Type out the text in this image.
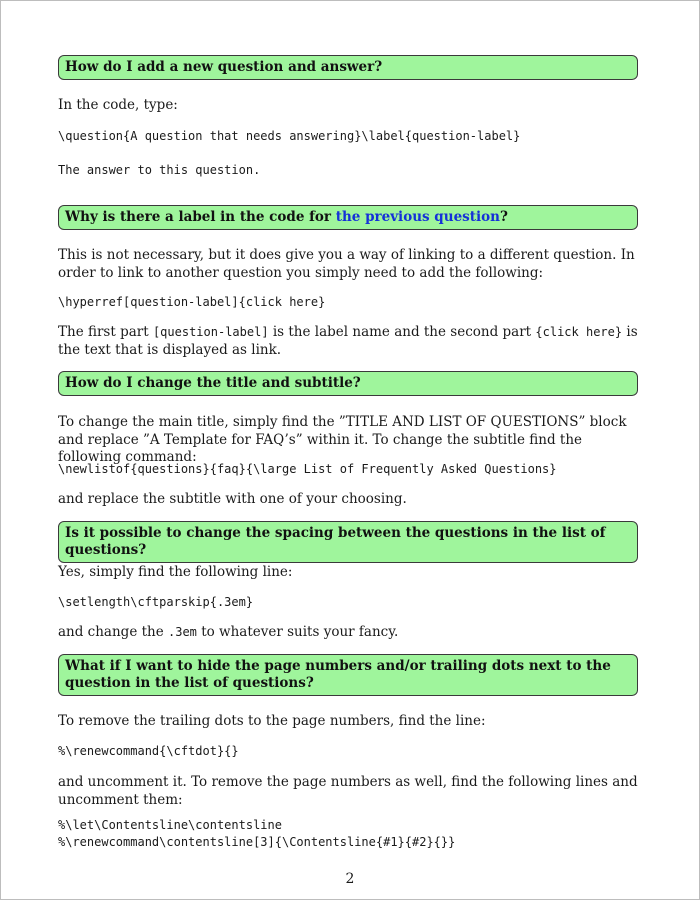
How do I add a new question and answer?
In the code, type:
\question{A question that needs answering}\label{question-label}
The answer to this question.
Why is there a label in the code for the previous question?
This is not necessary, but it does give you a way of linking to a different question. In order to link to another question you simply need to add the following:
\hyperref[question-label]{click here}
The first part [question-label] is the label name and the second part {click here} is the text that is displayed as link.
How do I change the title and subtitle?
To change the main title, simply find the ”TITLE AND LIST OF QUESTIONS” block and replace ”A Template for FAQ’s” within it. To change the subtitle find the following command:
\newlistof{questions}{faq}{\large List of Frequently Asked Questions}
and replace the subtitle with one of your choosing.
Is it possible to change the spacing between the questions in the list of questions?
Yes, simply find the following line:
\setlength\cftparskip{.3em}
and change the .3em to whatever suits your fancy.
What if I want to hide the page numbers and/or trailing dots next to the question in the list of questions?
To remove the trailing dots to the page numbers, find the line:
%\renewcommand{\cftdot}{}
and uncomment it. To remove the page numbers as well, find the following lines and uncomment them:
%\let\Contentsline\contentsline
%\renewcommand\contentsline[3]{\Contentsline{#1}{#2}{}}
2
